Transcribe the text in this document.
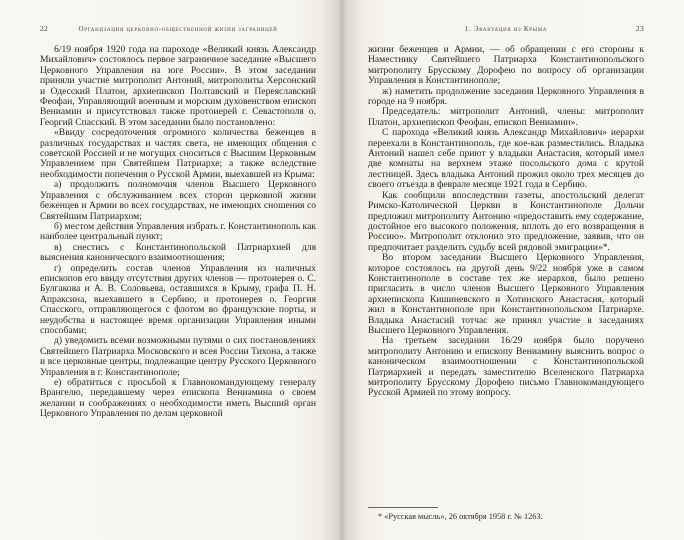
22	Организация церковно-общественной жизни заграницей

6/19 ноября 1920 года на пароходе «Великий князь Александр Михайлович» состоялось первое заграничное заседание «Высшего Церковного Управления на юге России». В этом заседании приняли участие митрополит Антоний, митрополиты Херсонский и Одесский Платон, архиепископ Полтавский и Переяславский Феофан, Управляющий военным и морским духовенством епископ Вениамин и присутствовал также протоиерей г. Севастополя о. Георгий Спасский. В этом заседании было постановлено:

«Ввиду сосредоточения огромного количества беженцев в различных государствах и частях света, не имеющих общения с советской Россией и не могущих сноситься с Высшим Церковным Управлением при Святейшем Патриархе; а также вследствие необходимости попечения о Русской Армии, выехавшей из Крыма:

а) продолжить полномочия членов Высшего Церковного Управления с обслуживанием всех сторон церковной жизни беженцев и Армии во всех государствах, не имеющих сношения со Святейшим Патриархом;

б) местом действия Управления избрать г. Константинополь как наиболее центральный пункт;

в) снестись с Константинопольской Патриархией для выяснения канонического взаимоотношения;

г) определить состав членов Управления из наличных епископов его ввиду отсутствия других членов — протоиерея о. С. Булгакова и А. В. Соловьева, оставшихся в Крыму, графа П. Н. Апраксина, выехавшего в Сербию, и протоиерея о. Георгия Спасского, отправляющегося с флотом во французские порты, и неудобства в настоящее время организации Управления иными способами;

д) уведомить всеми возможными путями о сих постановлениях Святейшего Патриарха Московского и всея России Тихона, а также и все церковные центры, подлежащие центру Русского Церковного Управления в г. Константинополе;

е) обратиться с просьбой к Главнокомандующему генералу Врангелю, передавшему через епископа Вениамина о своем желании и соображениях о необходимости иметь Высший орган Церковного Управления по делам церковной

1. Эвакуация из Крыма	23

жизни беженцев и Армии, — об обращении с его стороны к Наместнику Святейшего Патриарха Константинопольского митрополиту Брусскому Дорофею по вопросу об организации Управления в Константинополе;

ж) наметить продолжение заседания Церковного Управления в городе на 9 ноября.

Председатель: митрополит Антоний, члены: митрополит Платон, архиепископ Феофан, епископ Вениамин».

С парохода «Великий князь Александр Михайлович» иерархи переехали в Константинополь, где кое-как разместились. Владыка Антоний нашел себе приют у владыки Анастасия, который имел две комнаты на верхнем этаже посольского дома с крутой лестницей. Здесь владыка Антоний прожил около трех месяцев до своего отъезда в феврале месяце 1921 года в Сербию.

Как сообщили впоследствии газеты, апостольский делегат Римско-Католической Церкви в Константинополе Дольчи предложил митрополиту Антонию «предоставить ему содержание, достойное его высокого положения, вплоть до его возвращения в Россию». Митрополит отклонил это предложение, заявив, что он предпочитает разделить судьбу всей рядовой эмиграции»*.

Во втором заседании Высшего Церковного Управления, которое состоялось на другой день 9/22 ноября уже в самом Константинополе в составе тех же иерархов, было решено пригласить в число членов Высшего Церковного Управления архиепископа Кишиневского и Хотинского Анастасия, который жил в Константинополе при Константинопольском Патриархе. Владыка Анастасий тотчас же принял участие в заседаниях Высшего Церковного Управления.

На третьем заседании 16/29 ноября было поручено митрополиту Антонию и епископу Вениамину выяснить вопрос о каноническом взаимоотношении с Константинопольской Патриархией и передать заместителю Вселенского Патриарха митрополиту Брусскому Дорофею письмо Главнокомандующего Русской Армией по этому вопросу.

* «Русская мысль», 26 октября 1958 г. № 1263.
